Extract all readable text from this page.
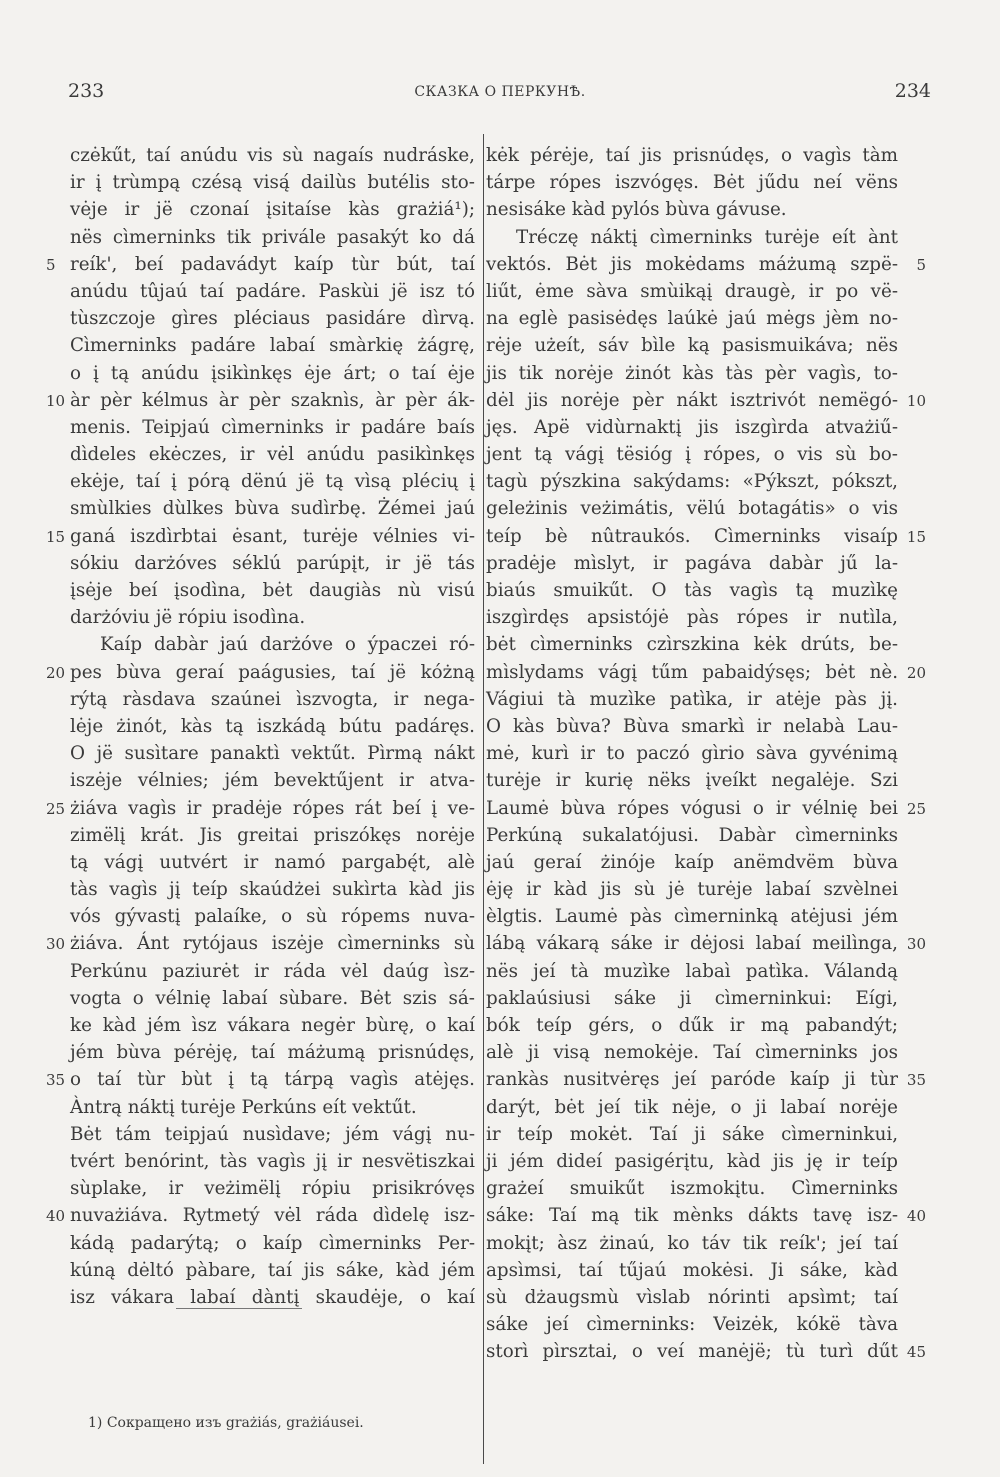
233	СКАЗКА О ПЕРКУНѢ.	234
czėkűt, taí anúdu vis sù nagaís nudráske,
ir į trùmpą czésą visą́ dailùs butélis sto-
vėje ir jë czonaí įsitaíse kàs grażiá¹);
nës cìmerninks tik privále pasakýt ko dá
reík', beí padavádyt kaíp tùr bút, taí
5
anúdu tûjaú taí padáre. Paskùi jë isz tó
tùszczoje gìres pléciaus pasidáre dìrvą.
Cìmerninks padáre labaí smàrkię żágrę,
o į tą anúdu įsikìnkęs ėje árt; o taí ėje
àr pèr kélmus àr pèr szaknìs, àr pèr ák-
10
menis. Teipjaú cìmerninks ir padáre baís
dìdeles ekėczes, ir vėl anúdu pasikìnkęs
ekėje, taí į pórą dënú jë tą vìsą plécių į
smùlkies dùlkes bùva sudìrbę. Żémei jaú
ganá iszdìrbtai ėsant, turėje vélnies vi-
15
sókiu darżóves séklú parúpįt, ir jë tás
įsėje beí įsodìna, bėt daugiàs nù visú
darżóviu jë rópiu isodìna.
Kaíp dabàr jaú darżóve o ýpaczei ró-
pes bùva geraí paágusies, taí jë kóżną
20
rýtą ràsdava szaúnei ìszvogta, ir negа-
lėje żinót, kàs tą iszkádą bútu padáręs.
O jë susìtare panaktì vektűt. Pìrmą nákt
iszėje vélnies; jém bevektűjent ir atva-
żiáva vagìs ir pradėje rópes rát beí į ve-
25
zimëlį krát. Jis greitai priszókęs norėje
tą vágį uutvért ir namó pargabę́t, alè
tàs vagìs jį teíp skaúdżei sukìrta kàd jis
vós gývastį palaíke, o sù rópems nuva-
żiáva. Ánt rytójaus iszėje cìmerninks sù
30
Perkúnu paziurėt ir ráda vėl daúg ìsz-
vogta o vélnię labaí sùbare. Bėt szis sá-
ke kàd jém ìsz vákara negėr bùrę, o kaí
jém bùva pérėję, taí máżumą prisnúdęs,
o taí tùr bùt į tą tárpą vagìs atėjęs.
35
Àntrą náktį turėje Perkúns eít vektűt.
Bėt tám teipjaú nusìdave; jém vágį nu-
tvért benórint, tàs vagìs jį ir nesvëtiszkai
sùplake, ir veżimëlį rópiu prisikróvęs
nuvażiáva. Rytmetý vėl ráda dìdelę isz-
40
kádą padarýtą; o kaíp cìmerninks Per-
kúną dėltó pàbare, taí jis sáke, kàd jém
isz vákara labaí dàntį skaudėje, o kaí
kėk pérėje, taí jis prisnúdęs, o vagìs tàm
tárpe rópes iszvógęs. Bėt jűdu neí vëns
nesisáke kàd pylós bùva gávuse.
Tréczę náktį cìmerninks turėje eít ànt
vektós. Bėt jis mokėdams máżumą szpë- 5
liűt, ėme sàva smùikąį draugè, ir po vë-
na eglè pasisėdęs laúkė jaú mėgs jèm no-
rėje użeít, sáv bìle ką pasismuikáva; nës
jis tik norėje żinót kàs tàs pèr vagìs, to-
dėl jis norėje pèr nákt isztrivót nemëgó- 10
jęs. Apë vidùrnaktį jis iszgìrda atvażiű-
jent tą vágį tësióg į rópes, o vis sù bo-
tagù pýszkina sakýdams: «Pýkszt, pókszt,
geleżinis veżimátis, vëlú botagátis» o vis
teíp bè nûtraukós. Cìmerninks visaíp 15
pradėje mìslyt, ir pagáva dabàr jű la-
biaús smuikűt. O tàs vagìs tą muzìkę
iszgìrdęs apsistójė pàs rópes ir nutìla,
bėt cìmerninks czìrszkina kėk drúts, be-
mìslydams vágį tűm pabaidýsęs; bėt nè. 20
Vágiui tà muzìke patìka, ir atėje pàs jį.
O kàs bùva? Bùva smarkì ir nelabà Lau-
mė, kurì ir to paczó gìrio sàva gyvénimą
turėje ir kurię nëks įveíkt negalėje. Szi
Laumė bùva rópes vógusi o ir vélnię bei 25
Perkúną sukalatójusi. Dabàr cìmerninks
jaú geraí żinóje kaíp anëmdvëm bùva
ėję ir kàd jis sù jė turėje labaí szvèlnei
èlgtis. Laumė pàs cìmerninką atėjusi jém
lábą vákarą sáke ir dėjosi labaí meilìnga, 30
nës jeí tà muzìke labaì patìka. Válandą
paklaúsiusi sáke ji cìmerninkui: Eígi,
bók teíp gérs, o dűk ir mą pabandýt;
alè ji visą nemokėje. Taí cìmerninks jos
rankàs nusitvėręs jeí paróde kaíp ji tùr 35
darýt, bėt jeí tik nėje, o ji labaí norėje
ir teíp mokėt. Taí ji sáke cìmerninkui,
ji jém dideí pasigérįtu, kàd jis ję ir teíp
grażeí smuikűt iszmokįtu. Cìmerninks
sáke: Taí mą tik mènks dákts tavę isz- 40
mokįt; àsz żinaú, ko táv tik reík'; jeí taí
apsìmsi, taí tűjaú mokėsi. Ji sáke, kàd
sù dżaugsmù vìslab nórinti apsìmt; taí
sáke jeí cìmerninks: Veizėk, kókë tàva
storì pìrsztai, o veí manėjë; tù turì dűt 45
1) Сокращено изъ grażiás, grażiáusei.
